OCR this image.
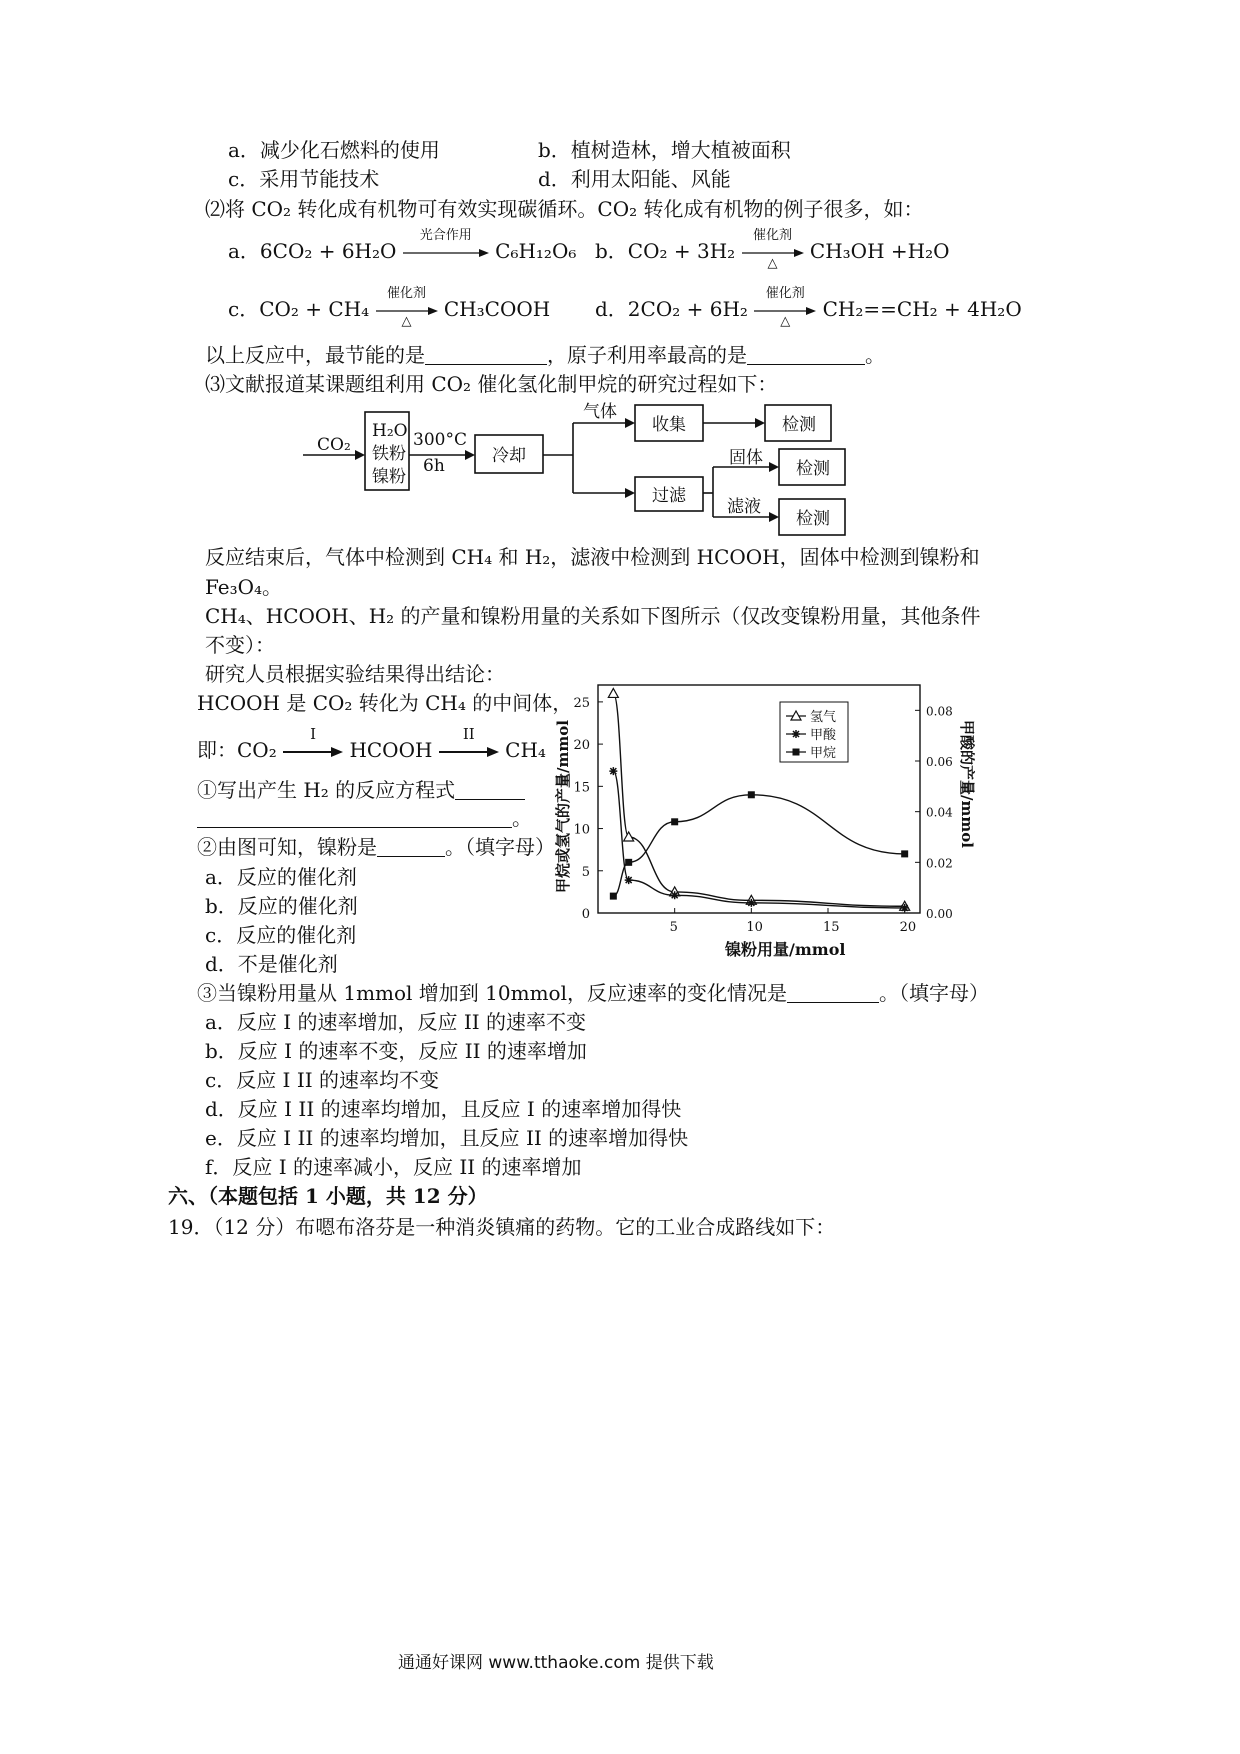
a．减少化石燃料的使用	b．植树造林，增大植被面积
c．采用节能技术	d．利用太阳能、风能
⑵将 CO₂ 转化成有机物可有效实现碳循环。CO₂ 转化成有机物的例子很多，如：
a．6CO₂ + 6H₂O
光合作用
C₆H₁₂O₆ b．CO₂ + 3H₂
催化剂
△	CH₃OH +H₂O
c．CO₂ + CH₄
催化剂
△	CH₃COOH d．2CO₂ + 6H₂
催化剂
△	CH₂==CH₂ + 4H₂O
以上反应中，最节能的是	，原子利用率最高的是	。
⑶文献报道某课题组利用 CO₂ 催化氢化制甲烷的研究过程如下：
CO₂
H₂O
铁粉
镍粉
300°C
6h	冷却
气体
收集	检测
过滤
固体
滤液
检测
检测
反应结束后，气体中检测到 CH₄ 和 H₂，滤液中检测到 HCOOH，固体中检测到镍粉和
Fe₃O₄。
CH₄、HCOOH、H₂ 的产量和镍粉用量的关系如下图所示（仅改变镍粉用量，其他条件
不变）：
研究人员根据实验结果得出结论：
HCOOH 是 CO₂ 转化为 CH₄ 的中间体，
即：CO₂
I
HCOOH
II
CH₄
①写出产生 H₂ 的反应方程式
。
②由图可知，镍粉是	。（填字母）
a．反应的催化剂
b．反应的催化剂
c．反应的催化剂
d．不是催化剂
③当镍粉用量从 1mmol 增加到 10mmol，反应速率的变化情况是	。（填字母）
a．反应 I 的速率增加，反应 II 的速率不变
b．反应 I 的速率不变，反应 II 的速率增加
c．反应 I II 的速率均不变
d．反应 I II 的速率均增加，且反应 I 的速率增加得快
e．反应 I II 的速率均增加，且反应 II 的速率增加得快
f．反应 I 的速率减小，反应 II 的速率增加
六、（本题包括 1 小题，共 12 分）
19．（12 分）布嗯布洛芬是一种消炎镇痛的药物。它的工业合成路线如下：
通通好课网 www.tthaoke.com 提供下载
5	10	15	20
0
5
10
15
20
25
0.00
0.02
0.04
0.06
0.08
氢气
甲酸
甲烷
镍粉用量/mmol
甲烷或氢气的产量/mmol	甲酸的产量/mmol
